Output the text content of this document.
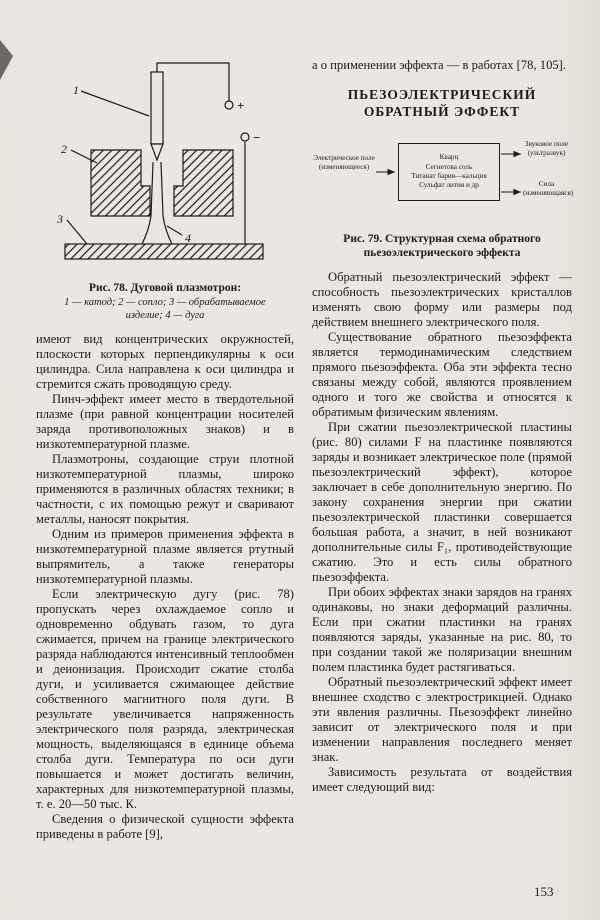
1
2
3
4
+
−
Рис. 78. Дуговой плазмотрон:
1 — катод; 2 — сопло; 3 — обрабатываемое изделие; 4 — дуга

имеют вид концентрических окружностей, плоскости которых перпендикулярны к оси цилиндра. Сила направлена к оси цилиндра и стремится сжать проводящую среду.

Пинч-эффект имеет место в твердотельной плазме (при равной концентрации носителей заряда противоположных знаков) и в низкотемпературной плазме.

Плазмотроны, создающие струи плотной низкотемпературной плазмы, широко применяются в различных областях техники; в частности, с их помощью режут и сваривают металлы, наносят покрытия.

Одним из примеров применения эффекта в низкотемпературной плазме является ртутный выпрямитель, а также генераторы низкотемпературной плазмы.

Если электрическую дугу (рис. 78) пропускать через охлаждаемое сопло и одновременно обдувать газом, то дуга сжимается, причем на границе электрического разряда наблюдаются интенсивный теплообмен и деионизация. Происходит сжатие столба дуги, и усиливается сжимающее действие собственного магнитного поля дуги. В результате увеличивается напряженность электрического поля разряда, электрическая мощность, выделяющаяся в единице объема столба дуги. Температура по оси дуги повышается и может достигать величин, характерных для низкотемпературной плазмы, т. е. 20—50 тыс. К.

Сведения о физической сущности эффекта приведены в работе [9],

а о применении эффекта — в работах [78, 105].

ПЬЕЗОЭЛЕКТРИЧЕСКИЙ
ОБРАТНЫЙ ЭФФЕКТ
Электрическое поле (изменяющееся)
Кварц
Сегнетова соль
Титанат бария—кальция
Сульфат лития и др
Звуковое поле (ультразвук)
Сила (изменяющаяся)
Рис. 79. Структурная схема обратного пьезоэлектрического эффекта

Обратный пьезоэлектрический эффект — способность пьезоэлектрических кристаллов изменять свою форму или размеры под действием внешнего электрического поля.

Существование обратного пьезоэффекта является термодинамическим следствием прямого пьезоэффекта. Оба эти эффекта тесно связаны между собой, являются проявлением одного и того же свойства и относятся к обратимым физическим явлениям.

При сжатии пьезоэлектрической пластины (рис. 80) силами F на пластинке появляются заряды и возникает электрическое поле (прямой пьезоэлектрический эффект), которое заключает в себе дополнительную энергию. По закону сохранения энергии при сжатии пьезоэлектрической пластинки совершается большая работа, а значит, в ней возникают дополнительные силы F₁, противодействующие сжатию. Это и есть силы обратного пьезоэффекта.

При обоих эффектах знаки зарядов на гранях одинаковы, но знаки деформаций различны. Если при сжатии пластинки на гранях появляются заряды, указанные на рис. 80, то при создании такой же поляризации внешним полем пластинка будет растягиваться.

Обратный пьезоэлектрический эффект имеет внешнее сходство с электрострикцией. Однако эти явления различны. Пьезоэффект линейно зависит от электрического поля и при изменении направления последнего меняет знак.

Зависимость результата от воздействия имеет следующий вид:

153
